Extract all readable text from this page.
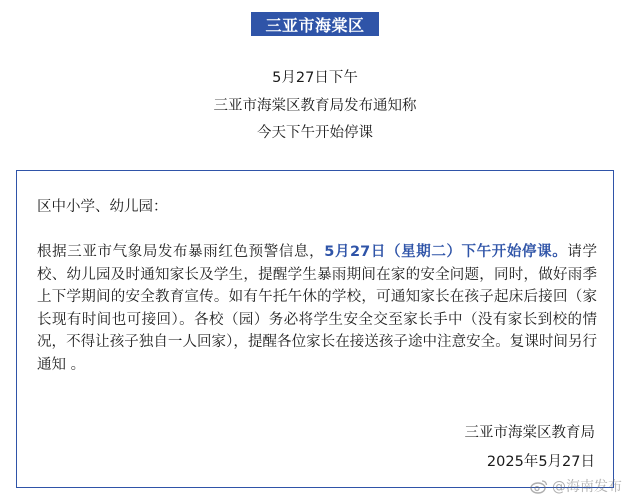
三亚市海棠区
5月27日下午
三亚市海棠区教育局发布通知称
今天下午开始停课
区中小学、幼儿园：
根据三亚市气象局发布暴雨红色预警信息，5月27日（星期二）下午开始停课。请学校、幼儿园及时通知家长及学生，提醒学生暴雨期间在家的安全问题，同时，做好雨季上下学期间的安全教育宣传。如有午托午休的学校，可通知家长在孩子起床后接回（家长现有时间也可接回）。各校（园）务必将学生安全交至家长手中（没有家长到校的情况，不得让孩子独自一人回家），提醒各位家长在接送孩子途中注意安全。复课时间另行通知 。
三亚市海棠区教育局
2025年5月27日
@海南发布
